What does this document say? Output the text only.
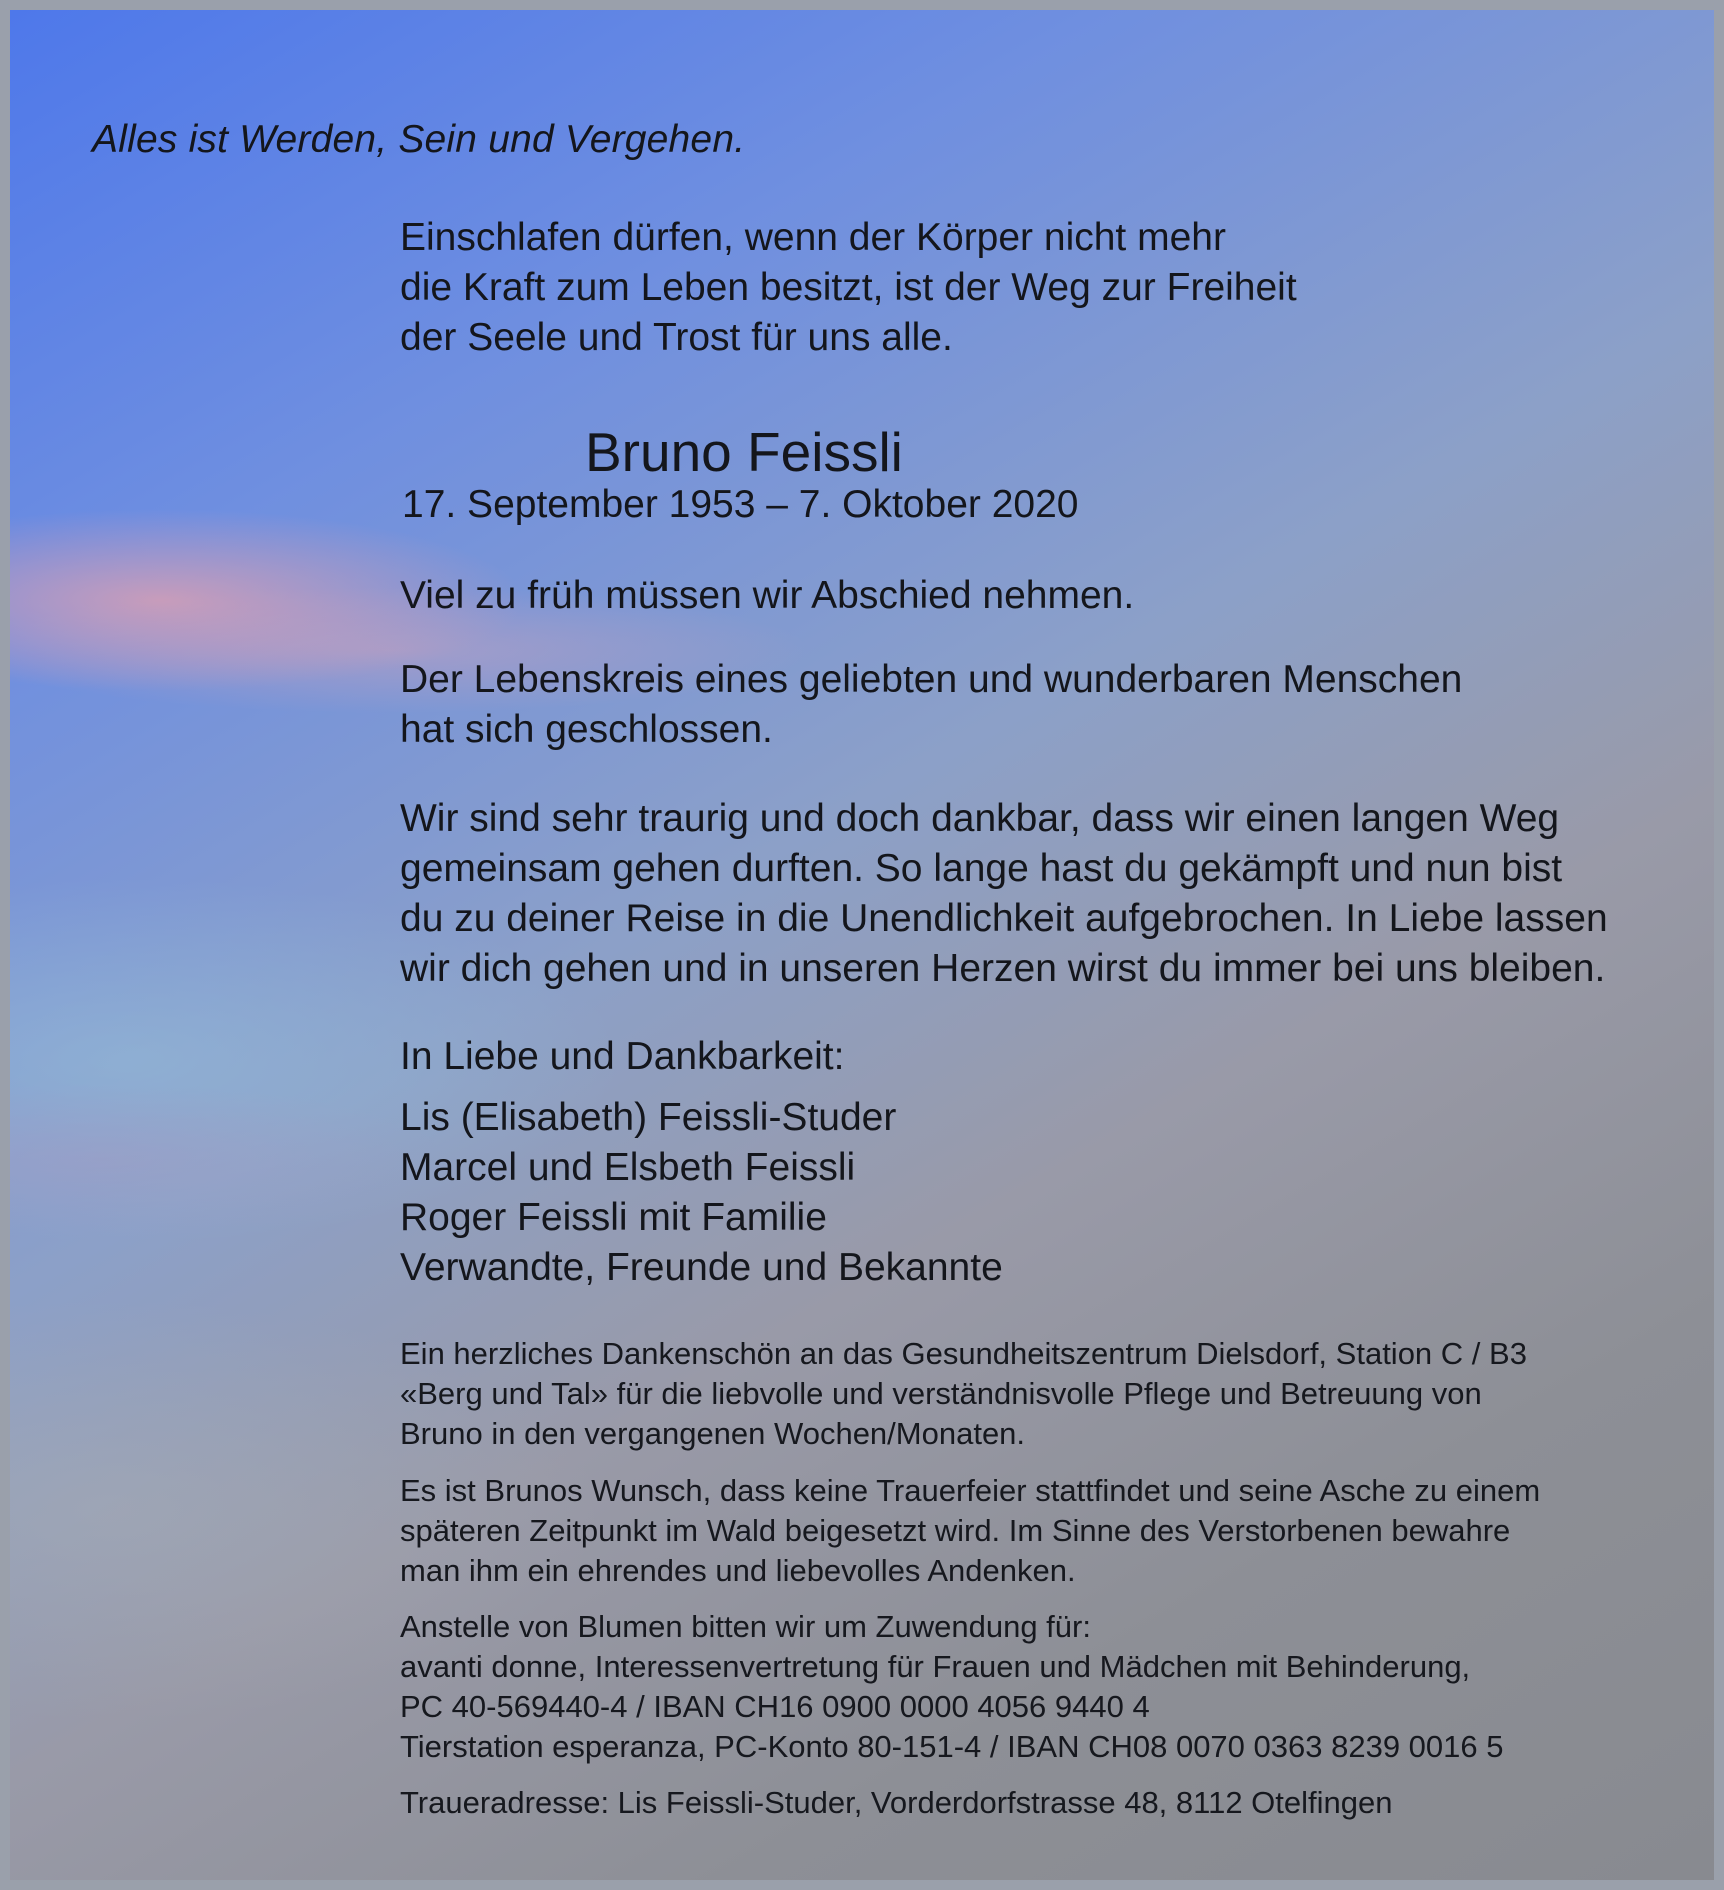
Alles ist Werden, Sein und Vergehen.

Einschlafen dürfen, wenn der Körper nicht mehr

die Kraft zum Leben besitzt, ist der Weg zur Freiheit

der Seele und Trost für uns alle.

Bruno Feissli
17. September 1953 – 7. Oktober 2020
Viel zu früh müssen wir Abschied nehmen.

Der Lebenskreis eines geliebten und wunderbaren Menschen

hat sich geschlossen.

Wir sind sehr traurig und doch dankbar, dass wir einen langen Weg

gemeinsam gehen durften. So lange hast du gekämpft und nun bist

du zu deiner Reise in die Unendlichkeit aufgebrochen. In Liebe lassen

wir dich gehen und in unseren Herzen wirst du immer bei uns bleiben.

In Liebe und Dankbarkeit:

Lis (Elisabeth) Feissli-Studer

Marcel und Elsbeth Feissli

Roger Feissli mit Familie

Verwandte, Freunde und Bekannte

Ein herzliches Dankenschön an das Gesundheitszentrum Dielsdorf, Station C / B3

«Berg und Tal» für die liebvolle und verständnisvolle Pflege und Betreuung von

Bruno in den vergangenen Wochen/Monaten.

Es ist Brunos Wunsch, dass keine Trauerfeier stattfindet und seine Asche zu einem

späteren Zeitpunkt im Wald beigesetzt wird. Im Sinne des Verstorbenen bewahre

man ihm ein ehrendes und liebevolles Andenken.

Anstelle von Blumen bitten wir um Zuwendung für:

avanti donne, Interessenvertretung für Frauen und Mädchen mit Behinderung,

PC 40-569440-4 / IBAN CH16 0900 0000 4056 9440 4

Tierstation esperanza, PC-Konto 80-151-4 / IBAN CH08 0070 0363 8239 0016 5

Traueradresse: Lis Feissli-Studer, Vorderdorfstrasse 48, 8112 Otelfingen
